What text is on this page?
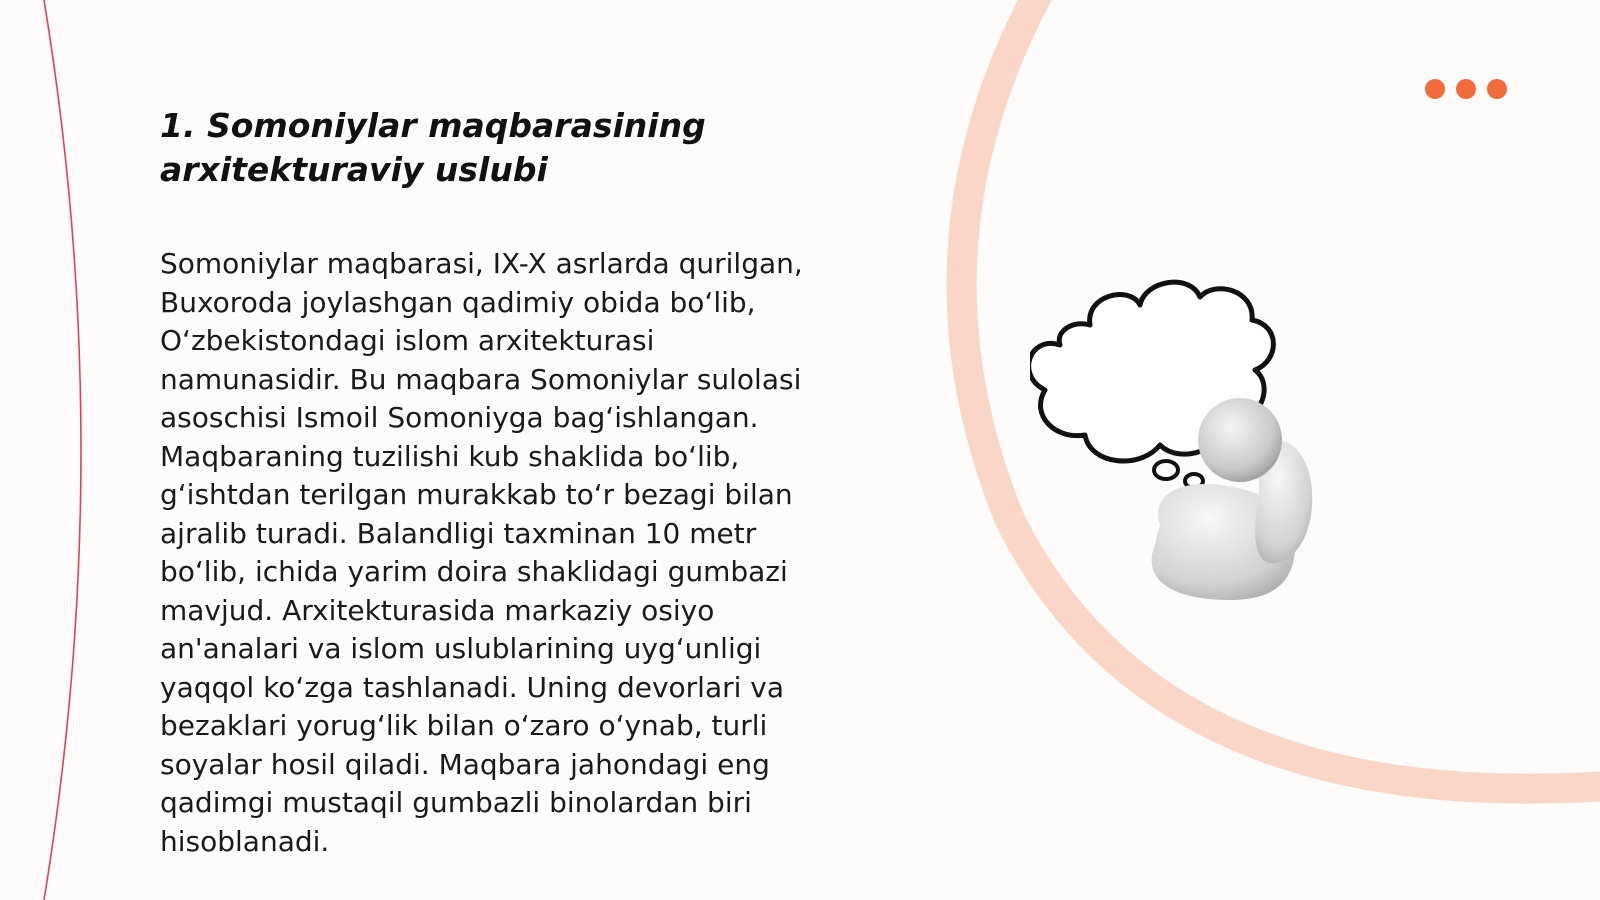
1. Somoniylar maqbarasining arxitekturaviy uslubi

Somoniylar maqbarasi, IX-X asrlarda qurilgan, Buxoroda joylashgan qadimiy obida bo‘lib, O‘zbekistondagi islom arxitekturasi namunasidir. Bu maqbara Somoniylar sulolasi asoschisi Ismoil Somoniyga bag‘ishlangan. Maqbaraning tuzilishi kub shaklida bo‘lib, g‘ishtdan terilgan murakkab to‘r bezagi bilan ajralib turadi. Balandligi taxminan 10 metr bo‘lib, ichida yarim doira shaklidagi gumbazi mavjud. Arxitekturasida markaziy osiyo an'analari va islom uslublarining uyg‘unligi yaqqol ko‘zga tashlanadi. Uning devorlari va bezaklari yorug‘lik bilan o‘zaro o‘ynab, turli soyalar hosil qiladi. Maqbara jahondagi eng qadimgi mustaqil gumbazli binolardan biri hisoblanadi.
